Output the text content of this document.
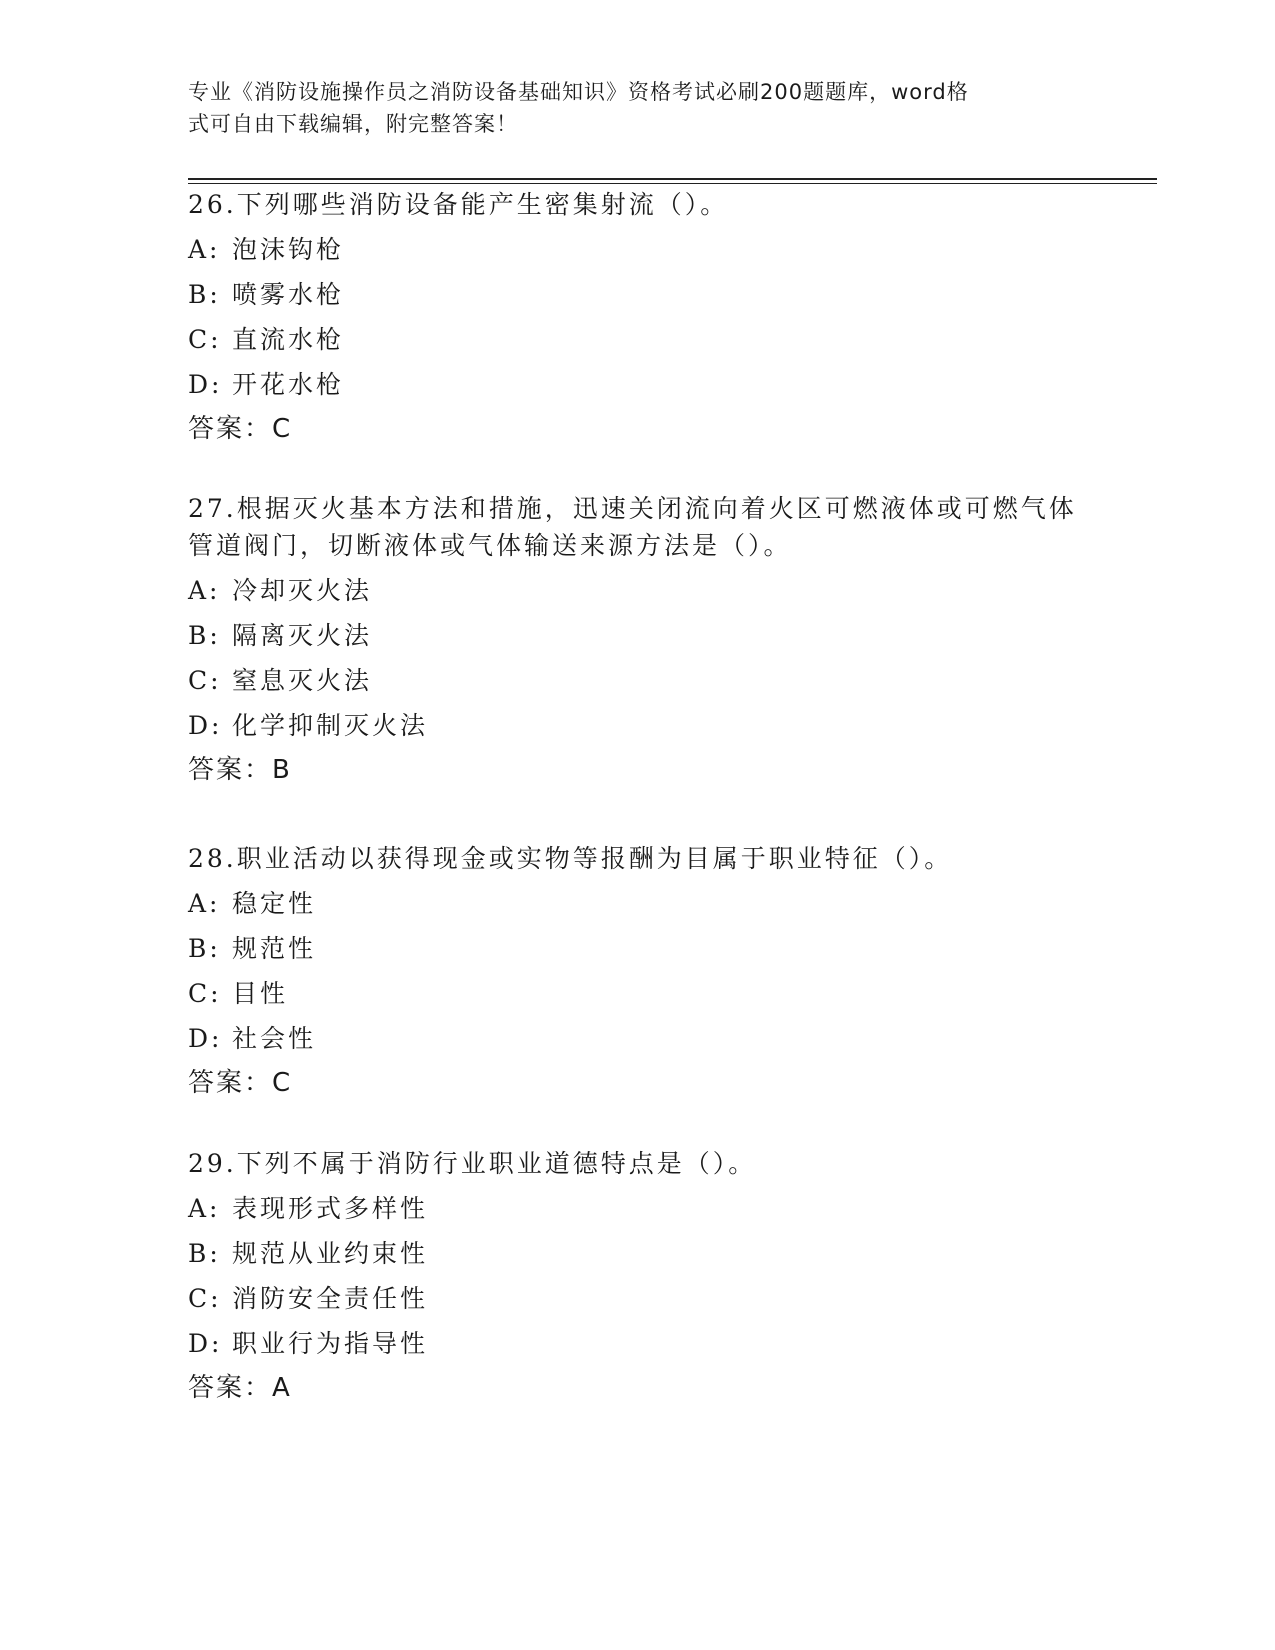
专业《消防设施操作员之消防设备基础知识》资格考试必刷200题题库，word格
式可自由下载编辑，附完整答案！

26.下列哪些消防设备能产生密集射流（）。

A: 泡沫钩枪
B: 喷雾水枪
C: 直流水枪
D: 开花水枪
答案：C

27.根据灭火基本方法和措施，迅速关闭流向着火区可燃液体或可燃气体管道阀门，切断液体或气体输送来源方法是（）。

A: 冷却灭火法
B: 隔离灭火法
C: 窒息灭火法
D: 化学抑制灭火法
答案：B

28.职业活动以获得现金或实物等报酬为目属于职业特征（）。

A: 稳定性
B: 规范性
C: 目性
D: 社会性
答案：C

29.下列不属于消防行业职业道德特点是（）。

A: 表现形式多样性
B: 规范从业约束性
C: 消防安全责任性
D: 职业行为指导性
答案：A
